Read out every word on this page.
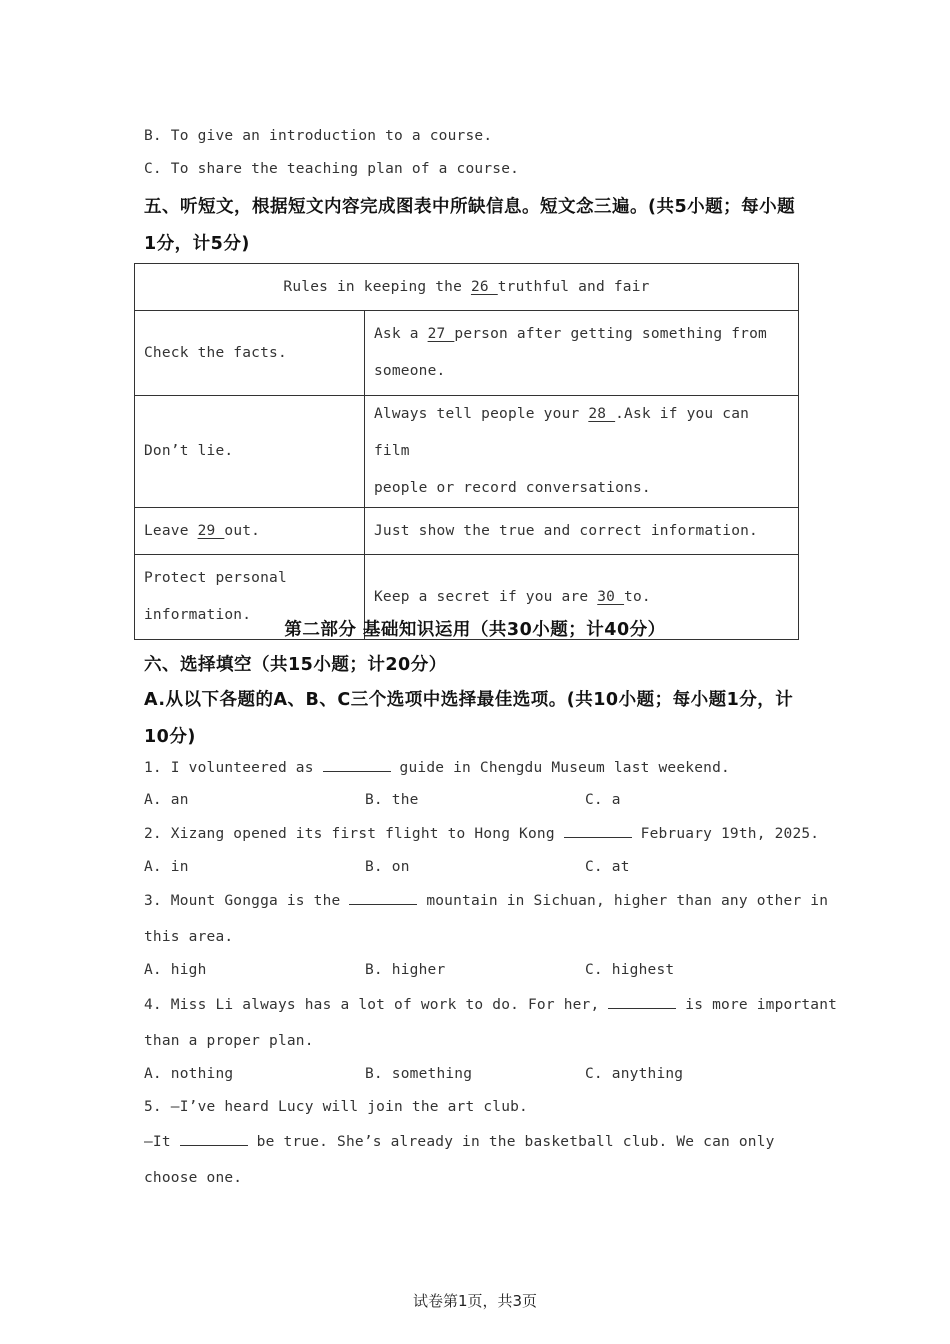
B. To give an introduction to a course.
C. To share the teaching plan of a course.
五、听短文，根据短文内容完成图表中所缺信息。短文念三遍。(共5小题；每小题
1分，计5分)
Rules in keeping the 26 truthful and fair	
Check the facts.	Ask a 27 person after getting something from
someone.
Don’t lie.	Always tell people your 28 .Ask if you can film
people or record conversations.
Leave 29 out.	Just show the true and correct information.
Protect personal
information.	Keep a secret if you are 30 to.
第二部分 基础知识运用（共30小题；计40分）
六、选择填空（共15小题；计20分）
A.从以下各题的A、B、C三个选项中选择最佳选项。(共10小题；每小题1分，计
10分)
1. I volunteered as	guide in Chengdu Museum last weekend.
A. an	B. the	C. a
2. Xizang opened its first flight to Hong Kong	February 19th, 2025.
A. in	B. on	C. at
3. Mount Gongga is the	mountain in Sichuan, higher than any other in
this area.
A. high	B. higher	C. highest
4. Miss Li always has a lot of work to do. For her,	is more important
than a proper plan.
A. nothing	B. something	C. anything
5. —I’ve heard Lucy will join the art club.
—It	be true. She’s already in the basketball club. We can only
choose one.
试卷第1页，共3页
